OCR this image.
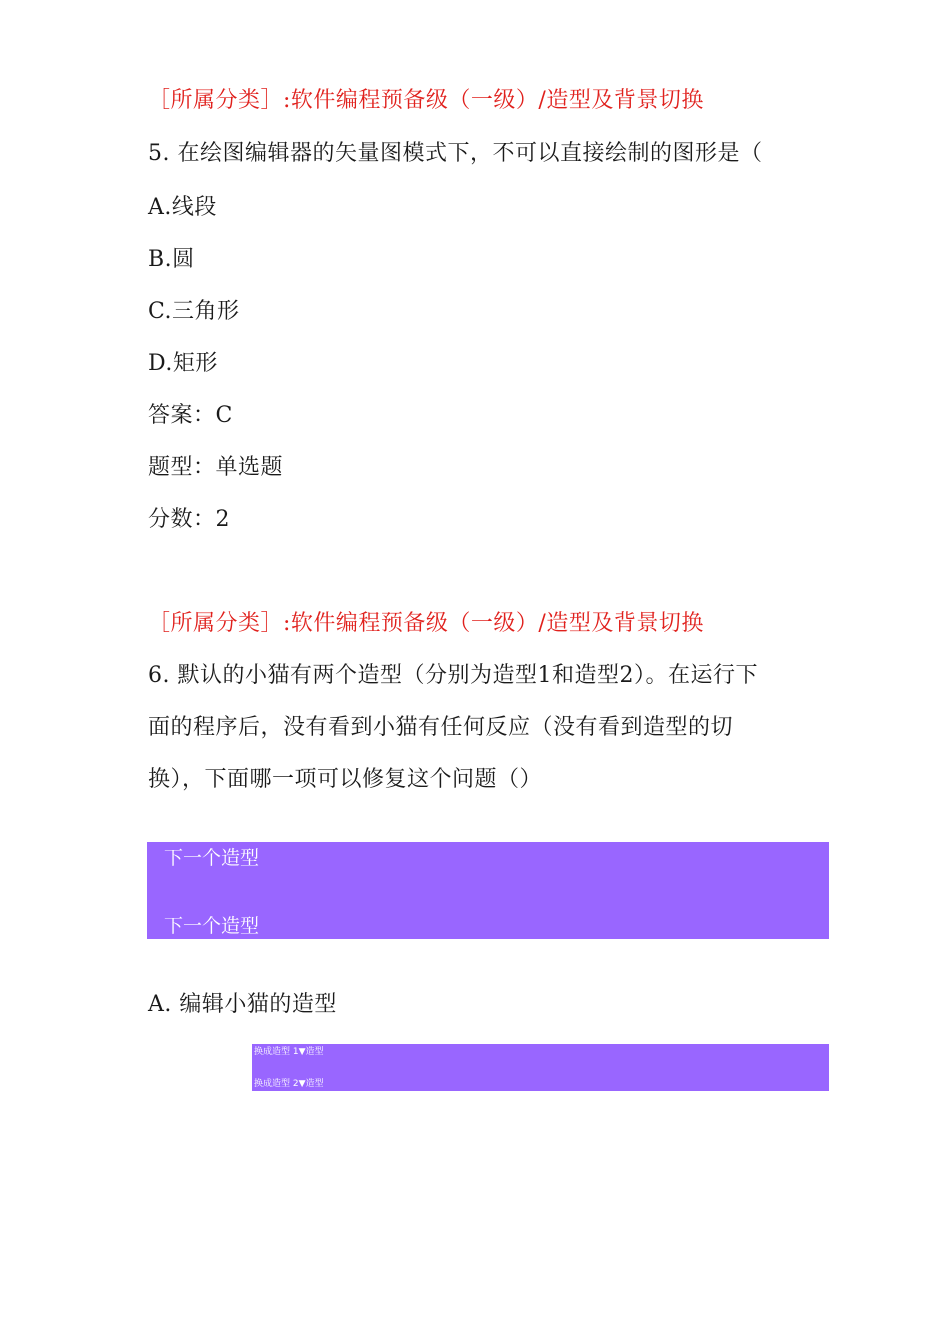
［所属分类］:软件编程预备级（一级）/造型及背景切换
5. 在绘图编辑器的矢量图模式下，不可以直接绘制的图形是（
A.线段
B.圆
C.三角形
D.矩形
答案：C
题型：单选题
分数：2
［所属分类］:软件编程预备级（一级）/造型及背景切换
6. 默认的小猫有两个造型（分别为造型1和造型2）。在运行下
面的程序后，没有看到小猫有任何反应（没有看到造型的切
换），下面哪一项可以修复这个问题（）
下一个造型
下一个造型
A. 编辑小猫的造型
换成造型 1▼造型
换成造型 2▼造型
